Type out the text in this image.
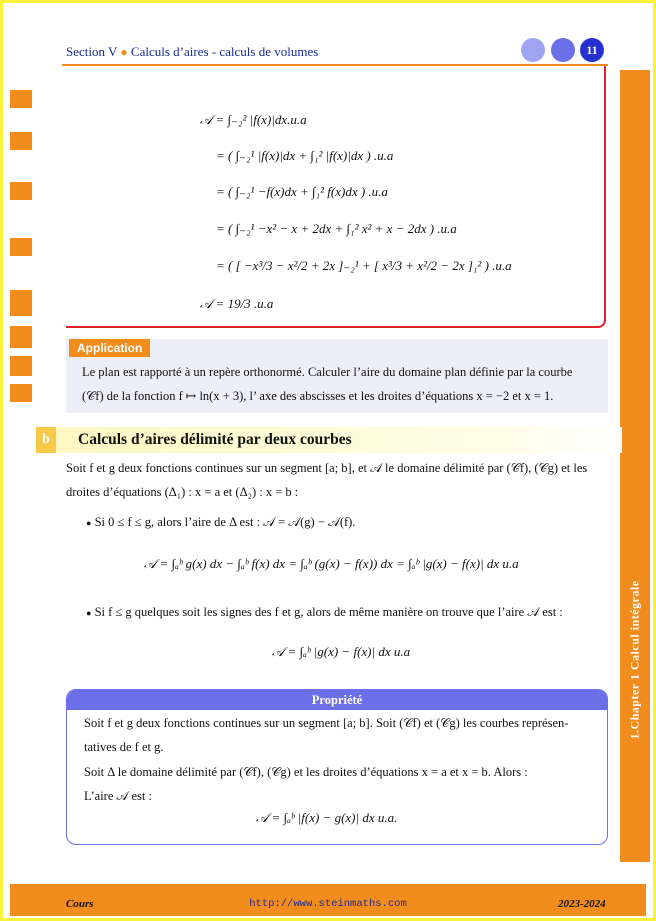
Section V ● Calculs d’aires - calculs de volumes	11
1.Chapter 1 Calcul intégrale
𝒜 = ∫₋₂² |f(x)|dx.u.a
= ( ∫₋₂¹ |f(x)|dx + ∫₁² |f(x)|dx ) .u.a
= ( ∫₋₂¹ −f(x)dx + ∫₁² f(x)dx ) .u.a
= ( ∫₋₂¹ −x² − x + 2dx + ∫₁² x² + x − 2dx ) .u.a
= ( [ −x³/3 − x²/2 + 2x ]₋₂¹ + [ x³/3 + x²/2 − 2x ]₁² ) .u.a
𝒜 = 19/3 .u.a
Application
Le plan est rapporté à un repère orthonormé. Calculer l’aire du domaine plan définie par la courbe
(𝒞f) de la fonction f ↦ ln(x + 3), l’ axe des abscisses et les droites d’équations x = −2 et x = 1.
b	Calculs d’aires délimité par deux courbes
Soit f et g deux fonctions continues sur un segment [a; b], et 𝒜 le domaine délimité par (𝒞f), (𝒞g) et les
droites d’équations (Δ₁) : x = a et (Δ₂) : x = b :
● Si 0 ≤ f ≤ g, alors l’aire de Δ est : 𝒜 = 𝒜(g) − 𝒜(f).
𝒜 = ∫ₐᵇ g(x) dx − ∫ₐᵇ f(x) dx = ∫ₐᵇ (g(x) − f(x)) dx = ∫ₐᵇ |g(x) − f(x)| dx u.a
● Si f ≤ g quelques soit les signes des f et g, alors de même manière on trouve que l’aire 𝒜 est :
𝒜 = ∫ₐᵇ |g(x) − f(x)| dx u.a
Propriété
Soit f et g deux fonctions continues sur un segment [a; b]. Soit (𝒞f) et (𝒞g) les courbes représen-
tatives de f et g.
Soit Δ le domaine délimité par (𝒞f), (𝒞g) et les droites d’équations x = a et x = b. Alors :
L’aire 𝒜 est :
𝒜 = ∫ₐᵇ |f(x) − g(x)| dx u.a.
Cours	http://www.steinmaths.com	2023-2024
